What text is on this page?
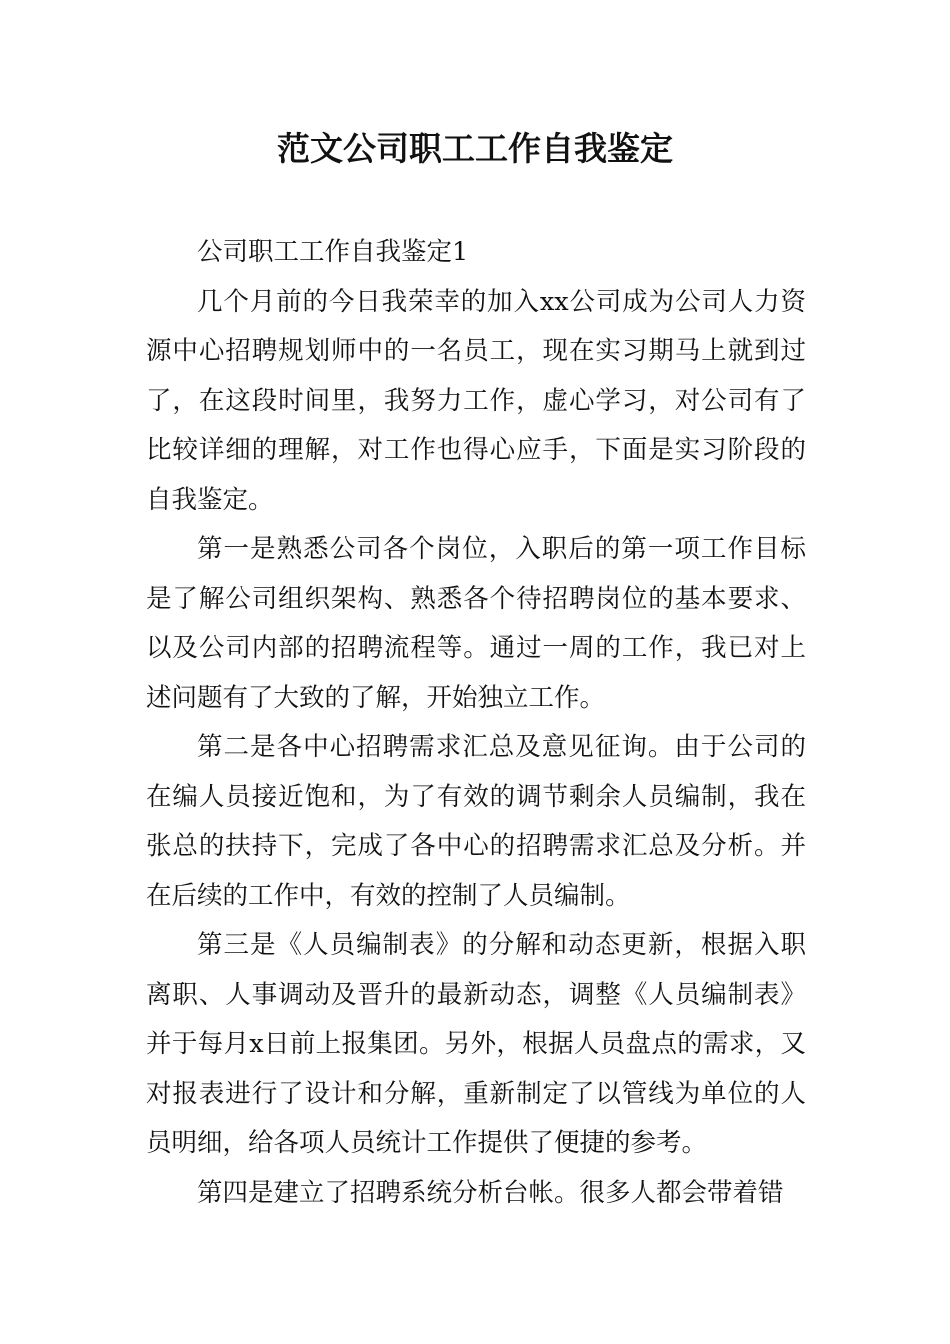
范文公司职工工作自我鉴定

公司职工工作自我鉴定1

几个月前的今日我荣幸的加入xx公司成为公司人力资源中心招聘规划师中的一名员工，现在实习期马上就到过了，在这段时间里，我努力工作，虚心学习，对公司有了比较详细的理解，对工作也得心应手，下面是实习阶段的自我鉴定。

第一是熟悉公司各个岗位，入职后的第一项工作目标是了解公司组织架构、熟悉各个待招聘岗位的基本要求、以及公司内部的招聘流程等。通过一周的工作，我已对上述问题有了大致的了解，开始独立工作。

第二是各中心招聘需求汇总及意见征询。由于公司的在编人员接近饱和，为了有效的调节剩余人员编制，我在张总的扶持下，完成了各中心的招聘需求汇总及分析。并在后续的工作中，有效的控制了人员编制。

第三是《人员编制表》的分解和动态更新，根据入职离职、人事调动及晋升的最新动态，调整《人员编制表》并于每月x日前上报集团。另外，根据人员盘点的需求，又对报表进行了设计和分解，重新制定了以管线为单位的人员明细，给各项人员统计工作提供了便捷的参考。

第四是建立了招聘系统分析台帐。很多人都会带着错
